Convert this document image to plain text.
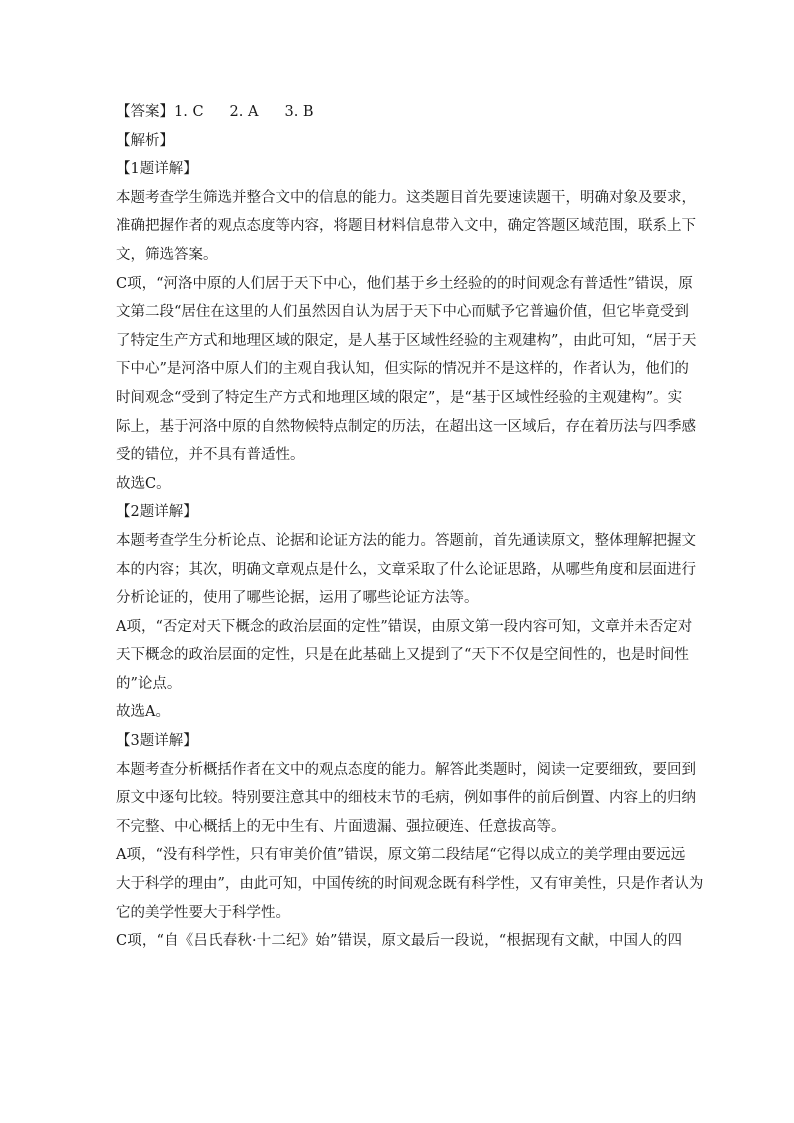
【答案】1. C 2. A 3. B
【解析】
【1题详解】
本题考查学生筛选并整合文中的信息的能力。这类题目首先要速读题干，明确对象及要求，
准确把握作者的观点态度等内容，将题目材料信息带入文中，确定答题区域范围，联系上下
文，筛选答案。
C项，“河洛中原的人们居于天下中心，他们基于乡土经验的的时间观念有普适性”错误，原
文第二段“居住在这里的人们虽然因自认为居于天下中心而赋予它普遍价值，但它毕竟受到
了特定生产方式和地理区域的限定，是人基于区域性经验的主观建构”，由此可知，“居于天
下中心”是河洛中原人们的主观自我认知，但实际的情况并不是这样的，作者认为，他们的
时间观念“受到了特定生产方式和地理区域的限定”，是“基于区域性经验的主观建构”。实
际上，基于河洛中原的自然物候特点制定的历法，在超出这一区域后，存在着历法与四季感
受的错位，并不具有普适性。
故选C。
【2题详解】
本题考查学生分析论点、论据和论证方法的能力。答题前，首先通读原文，整体理解把握文
本的内容；其次，明确文章观点是什么，文章采取了什么论证思路，从哪些角度和层面进行
分析论证的，使用了哪些论据，运用了哪些论证方法等。
A项，“否定对天下概念的政治层面的定性”错误，由原文第一段内容可知，文章并未否定对
天下概念的政治层面的定性，只是在此基础上又提到了“天下不仅是空间性的，也是时间性
的”论点。
故选A。
【3题详解】
本题考查分析概括作者在文中的观点态度的能力。解答此类题时，阅读一定要细致，要回到
原文中逐句比较。特别要注意其中的细枝末节的毛病，例如事件的前后倒置、内容上的归纳
不完整、中心概括上的无中生有、片面遗漏、强拉硬连、任意拔高等。
A项，“没有科学性，只有审美价值”错误，原文第二段结尾“它得以成立的美学理由要远远
大于科学的理由”，由此可知，中国传统的时间观念既有科学性，又有审美性，只是作者认为
它的美学性要大于科学性。
C项，“自《吕氏春秋·十二纪》始”错误，原文最后一段说，“根据现有文献，中国人的四
